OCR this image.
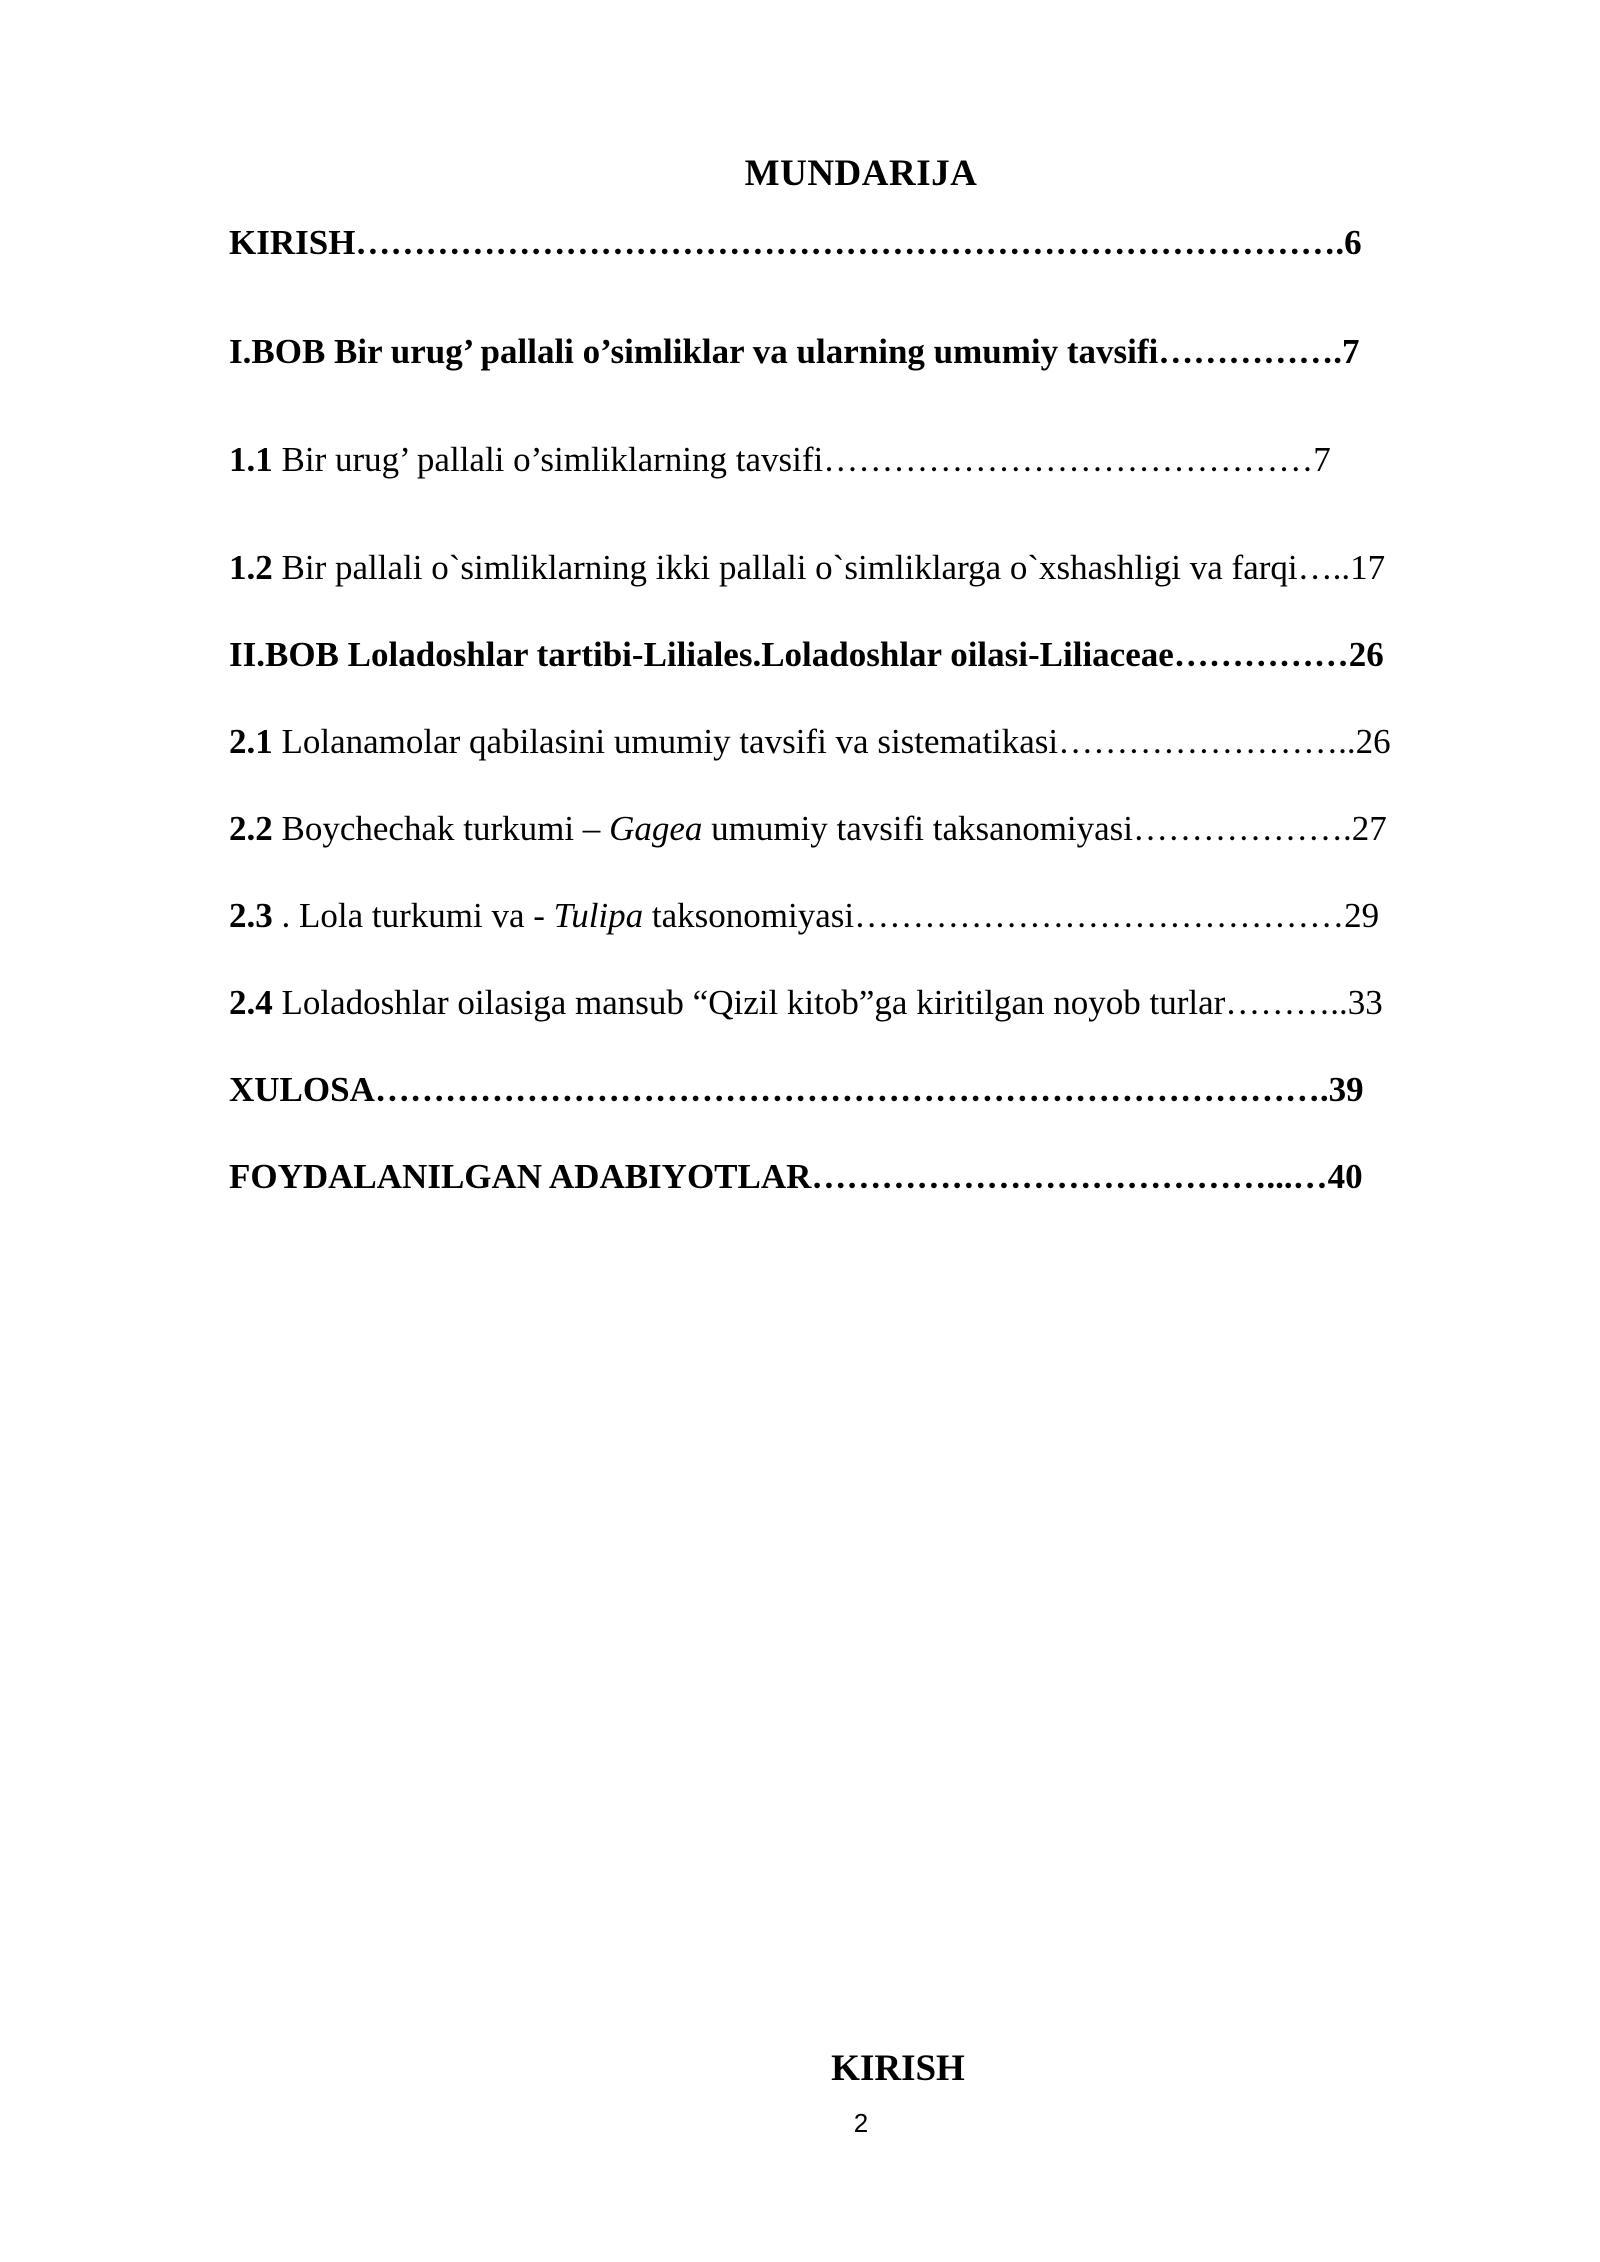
MUNDARIJA
KIRISH………………………………………………………………………….6
I.BOB Bir urug’ pallali o’simliklar va ularning umumiy tavsifi…………….7
1.1 Bir urug’ pallali o’simliklarning tavsifi……………………………………7
1.2 Bir pallali o`simliklarning ikki pallali o`simliklarga o`xshashligi va farqi…..17
II.BOB Loladoshlar tartibi-Liliales.Loladoshlar oilasi-Liliaceae……………26
2.1 Lolanamolar qabilasini umumiy tavsifi va sistematikasi……………………..26
2.2 Boychechak turkumi – Gagea umumiy tavsifi taksanomiyasi……………….27
2.3 . Lola turkumi va - Tulipa taksonomiyasi……………………………………29
2.4 Loladoshlar oilasiga mansub “Qizil kitob”ga kiritilgan noyob turlar………..33
XULOSA……………………………………………………………………….39
FOYDALANILGAN ADABIYOTLAR…………………………………...…40
KIRISH
2
